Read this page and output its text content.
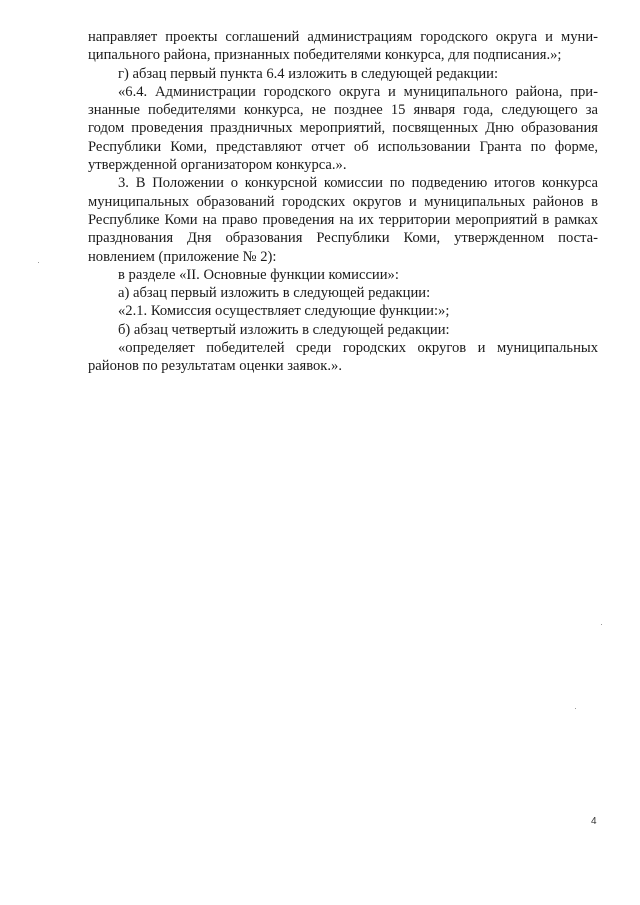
направляет проекты соглашений администрациям городского округа и муниципального района, признанных победителями конкурса, для подписания.»;

г) абзац первый пункта 6.4 изложить в следующей редакции:

«6.4. Администрации городского округа и муниципального района, признанные победителями конкурса, не позднее 15 января года, следующего за годом проведения праздничных мероприятий, посвященных Дню образования Республики Коми, представляют отчет об использовании Гранта по форме, утвержденной организатором конкурса.».

3. В Положении о конкурсной комиссии по подведению итогов конкурса муниципальных образований городских округов и муниципальных районов в Республике Коми на право проведения на их территории мероприятий в рамках празднования Дня образования Республики Коми, утвержденном постановлением (приложение № 2):

в разделе «II. Основные функции комиссии»:

а) абзац первый изложить в следующей редакции:

«2.1. Комиссия осуществляет следующие функции:»;

б) абзац четвертый изложить в следующей редакции:

«определяет победителей среди городских округов и муниципальных районов по результатам оценки заявок.».

4
